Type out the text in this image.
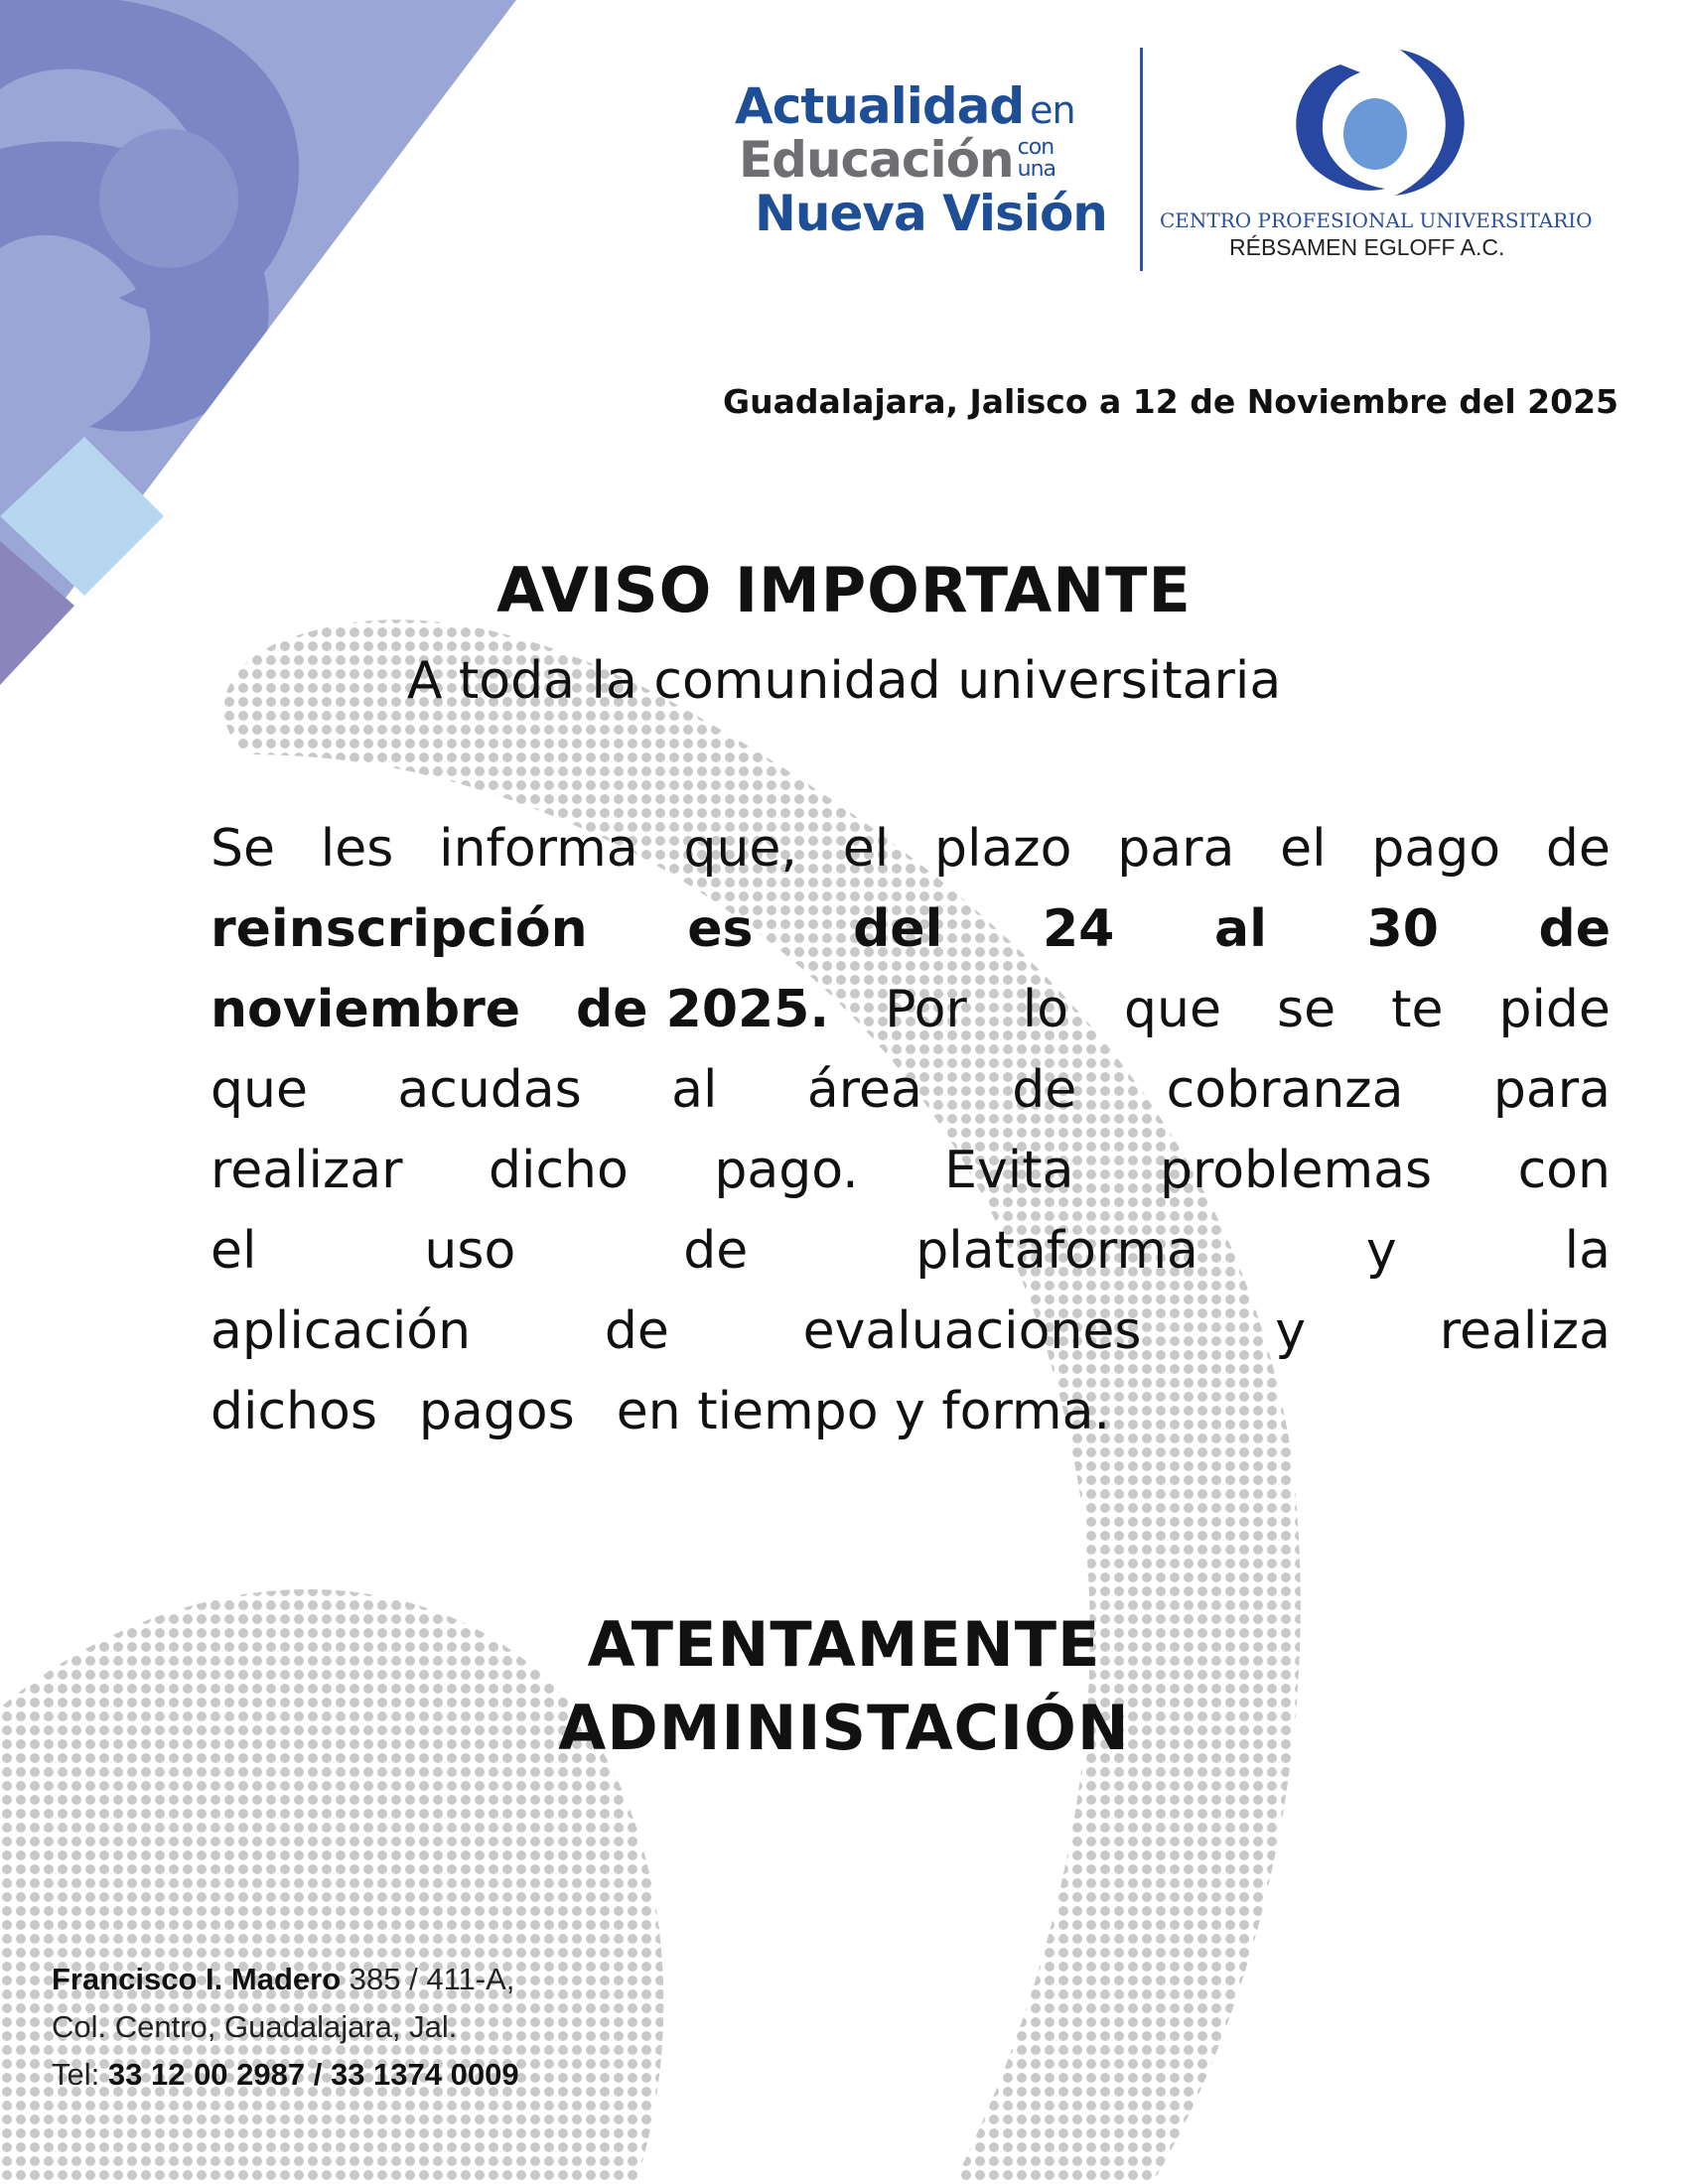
Actualidad en
Educación con
una
Nueva Visión	CENTRO PROFESIONAL UNIVERSITARIO
RÉBSAMEN EGLOFF A.C.
Guadalajara, Jalisco a 12 de Noviembre del 2025
AVISO IMPORTANTE
A toda la comunidad universitaria
Se les informa que, el plazo para el pago de
reinscripción es del 24 al 30 de
noviembre de 2025. Por lo que se te pide
que acudas al área de cobranza para
realizar dicho pago. Evita problemas con
el	uso	de	plataforma	y	la
aplicación	de	evaluaciones	y	realiza
dichos pagos en tiempo y forma.
ATENTAMENTE
ADMINISTACIÓN
Francisco I. Madero 385 / 411-A,
Col. Centro, Guadalajara, Jal.
Tel: 33 12 00 2987 / 33 1374 0009
